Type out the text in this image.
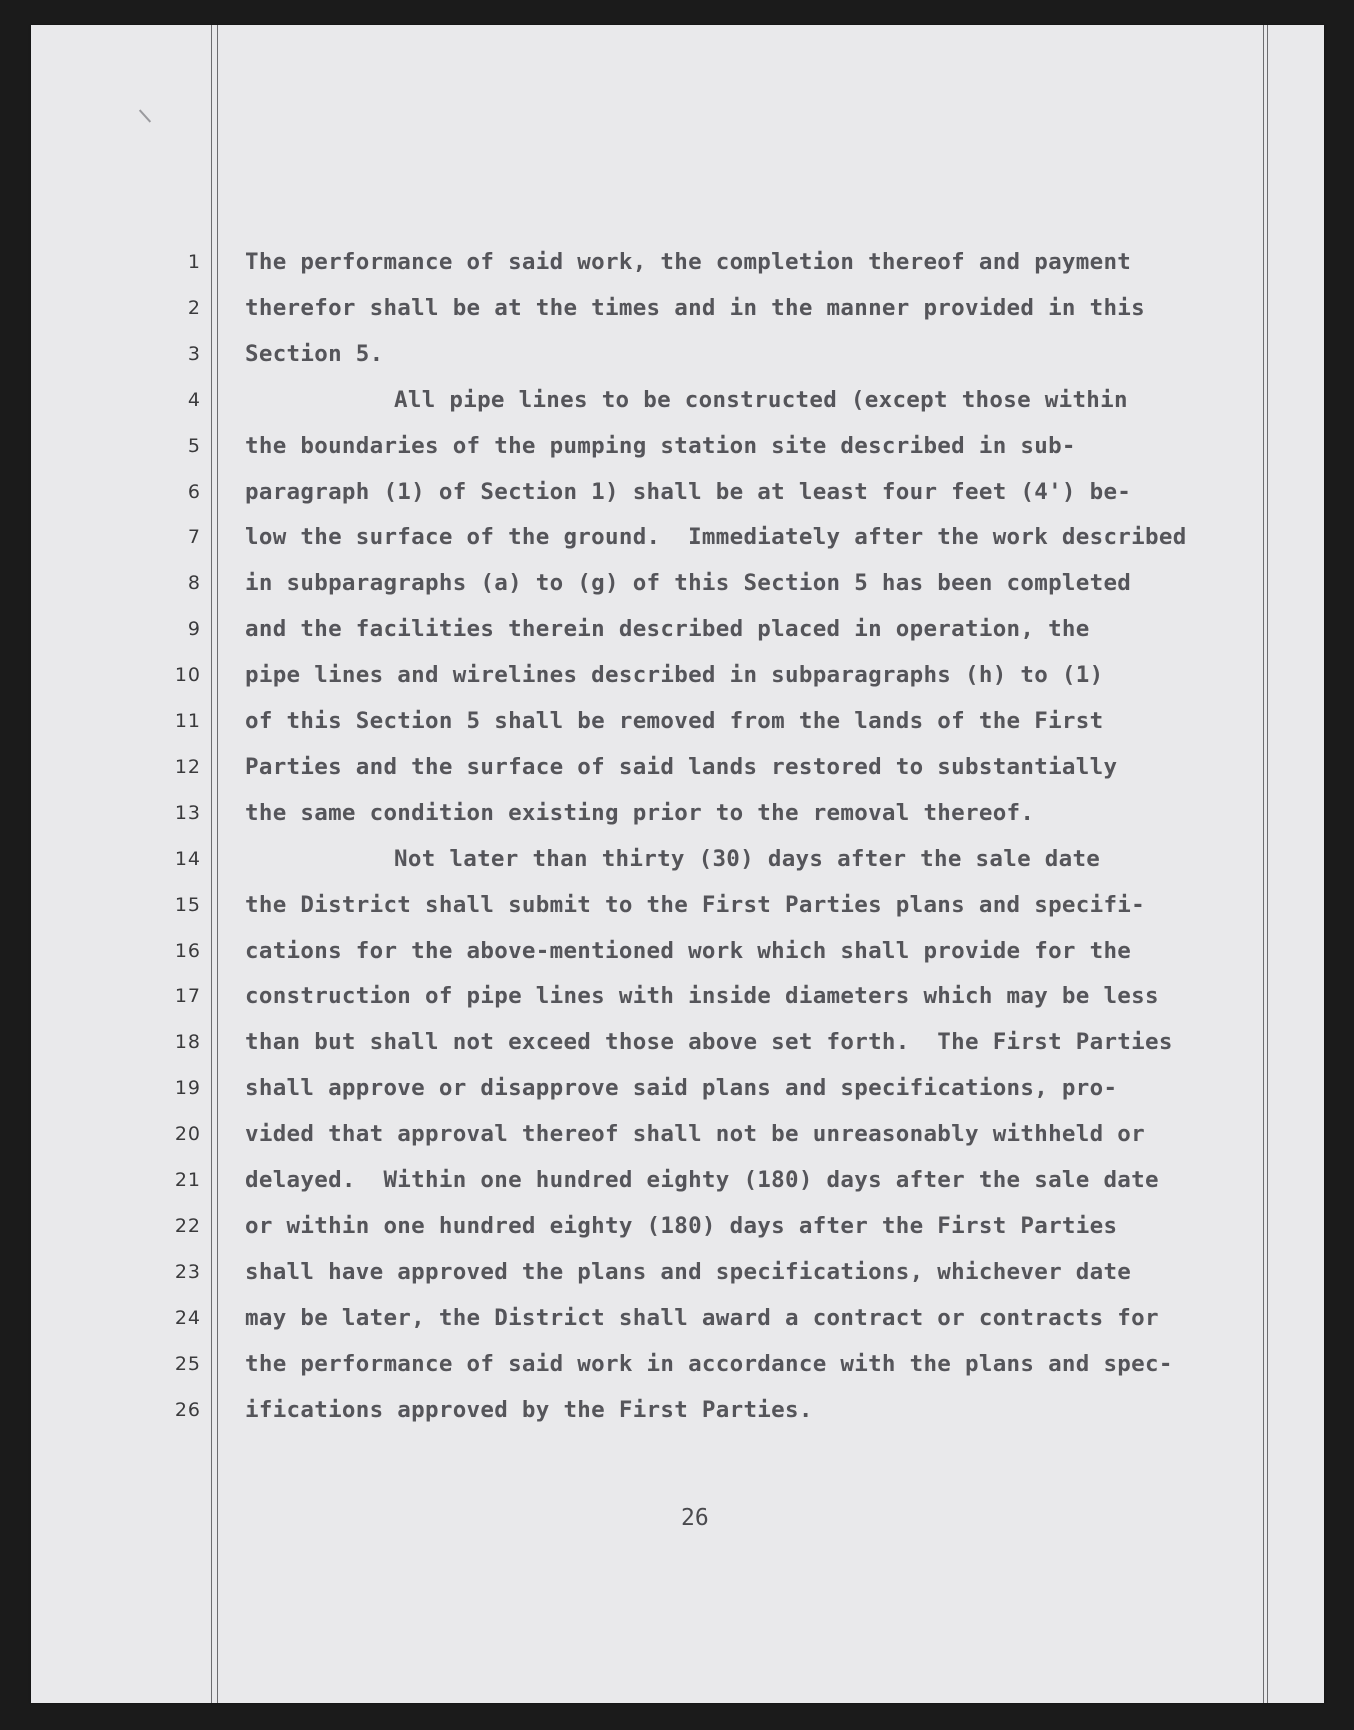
1
2
3
4
5
6
7
8
9
10
11
12
13
14
15
16
17
18
19
20
21
22
23
24
25
26
The performance of said work, the completion thereof and payment
therefor shall be at the times and in the manner provided in this
Section 5.
All pipe lines to be constructed (except those within
the boundaries of the pumping station site described in sub-
paragraph (1) of Section 1) shall be at least four feet (4') be-
low the surface of the ground.  Immediately after the work described
in subparagraphs (a) to (g) of this Section 5 has been completed
and the facilities therein described placed in operation, the
pipe lines and wirelines described in subparagraphs (h) to (1)
of this Section 5 shall be removed from the lands of the First
Parties and the surface of said lands restored to substantially
the same condition existing prior to the removal thereof.
Not later than thirty (30) days after the sale date
the District shall submit to the First Parties plans and specifi-
cations for the above-mentioned work which shall provide for the
construction of pipe lines with inside diameters which may be less
than but shall not exceed those above set forth.  The First Parties
shall approve or disapprove said plans and specifications, pro-
vided that approval thereof shall not be unreasonably withheld or
delayed.  Within one hundred eighty (180) days after the sale date
or within one hundred eighty (180) days after the First Parties
shall have approved the plans and specifications, whichever date
may be later, the District shall award a contract or contracts for
the performance of said work in accordance with the plans and spec-
ifications approved by the First Parties.
26
